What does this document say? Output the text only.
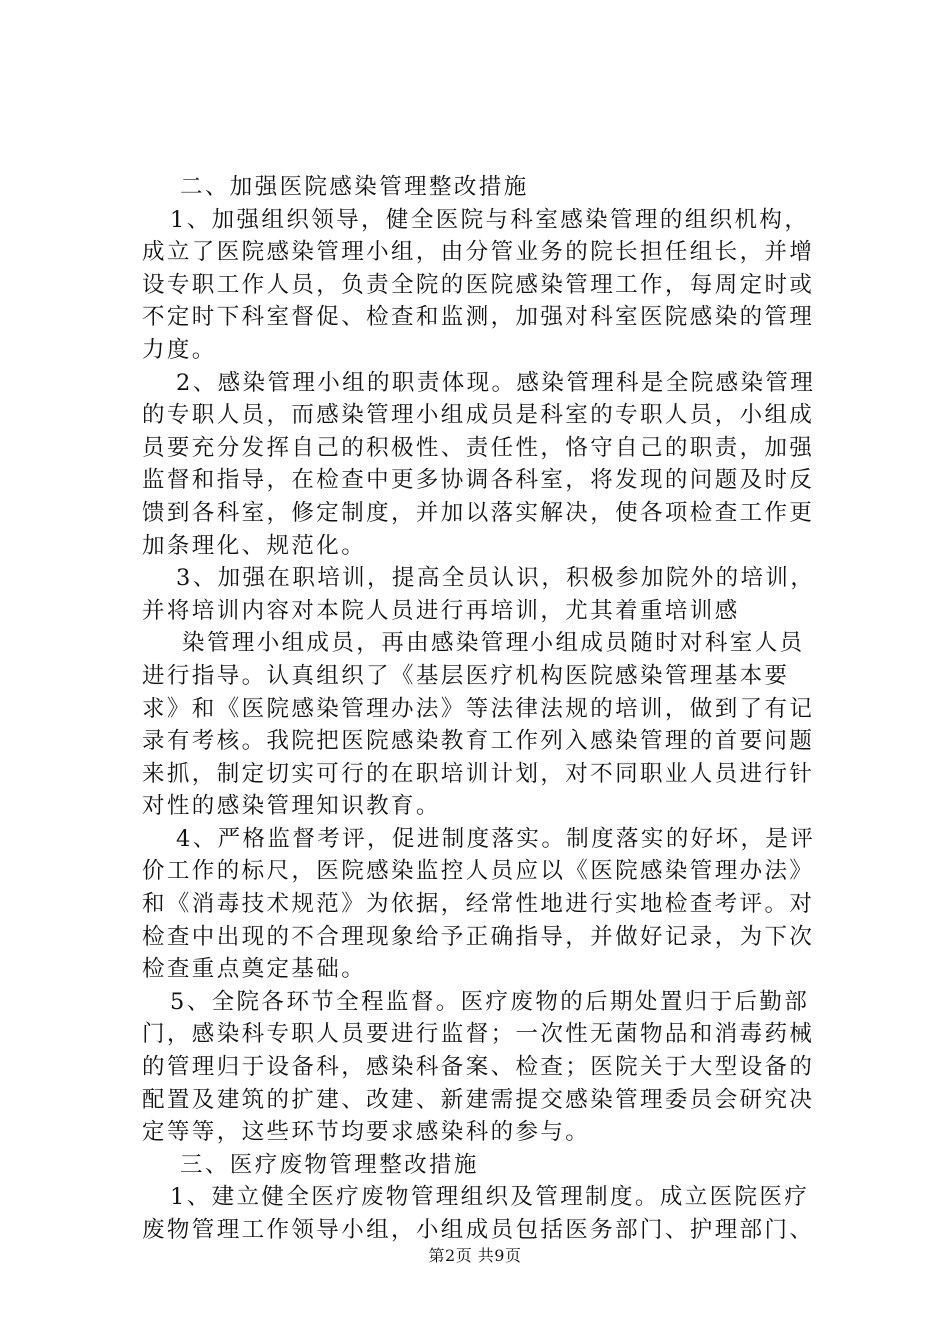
二、加强医院感染管理整改措施
1、加强组织领导，健全医院与科室感染管理的组织机构，
成立了医院感染管理小组，由分管业务的院长担任组长，并增
设专职工作人员，负责全院的医院感染管理工作，每周定时或
不定时下科室督促、检查和监测，加强对科室医院感染的管理
力度。
2、感染管理小组的职责体现。感染管理科是全院感染管理
的专职人员，而感染管理小组成员是科室的专职人员，小组成
员要充分发挥自己的积极性、责任性，恪守自己的职责，加强
监督和指导，在检查中更多协调各科室，将发现的问题及时反
馈到各科室，修定制度，并加以落实解决，使各项检查工作更
加条理化、规范化。
3、加强在职培训，提高全员认识，积极参加院外的培训，
并将培训内容对本院人员进行再培训，尤其着重培训感
染管理小组成员，再由感染管理小组成员随时对科室人员
进行指导。认真组织了《基层医疗机构医院感染管理基本要
求》和《医院感染管理办法》等法律法规的培训，做到了有记
录有考核。我院把医院感染教育工作列入感染管理的首要问题
来抓，制定切实可行的在职培训计划，对不同职业人员进行针
对性的感染管理知识教育。
4、严格监督考评，促进制度落实。制度落实的好坏，是评
价工作的标尺，医院感染监控人员应以《医院感染管理办法》
和《消毒技术规范》为依据，经常性地进行实地检查考评。对
检查中出现的不合理现象给予正确指导，并做好记录，为下次
检查重点奠定基础。
5、全院各环节全程监督。医疗废物的后期处置归于后勤部
门，感染科专职人员要进行监督；一次性无菌物品和消毒药械
的管理归于设备科，感染科备案、检查；医院关于大型设备的
配置及建筑的扩建、改建、新建需提交感染管理委员会研究决
定等等，这些环节均要求感染科的参与。
三、医疗废物管理整改措施
1、建立健全医疗废物管理组织及管理制度。成立医院医疗
废物管理工作领导小组，小组成员包括医务部门、护理部门、
第2页 共9页
